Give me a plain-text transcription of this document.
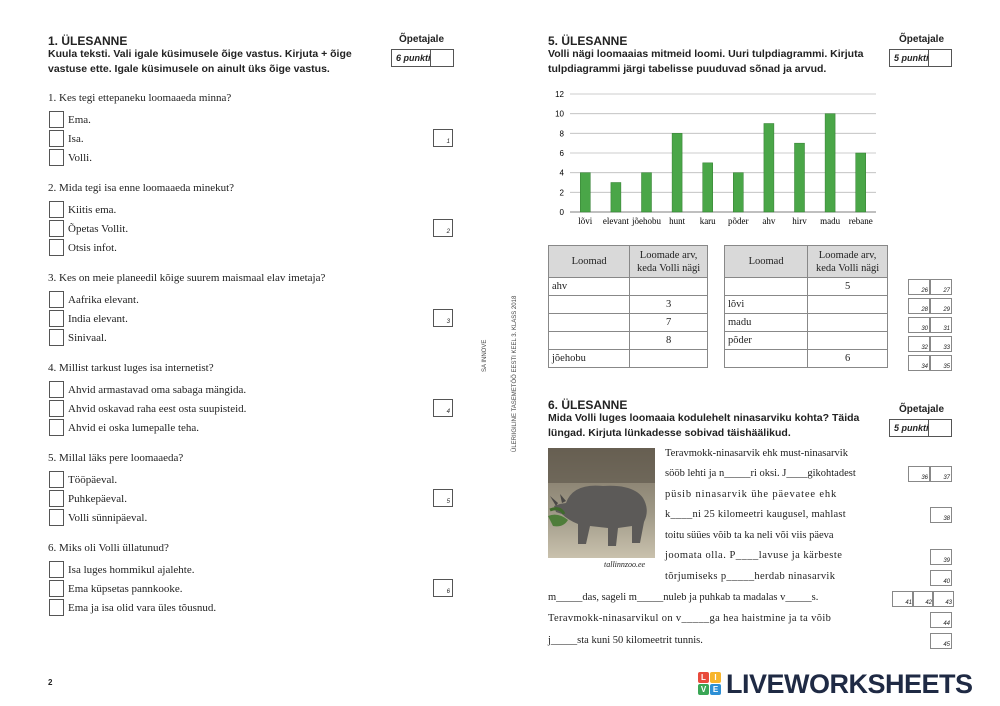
1. ÜLESANNE
Kuula teksti. Vali igale küsimusele õige vastus. Kirjuta + õige vastuse ette. Igale küsimusele on ainult üks õige vastus.
Õpetajale
6 punkti
1. Kes tegi ettepaneku loomaaeda minna?
Ema.
Isa.
Volli.
1
2. Mida tegi isa enne loomaaeda minekut?
Kiitis ema.
Õpetas Vollit.
Otsis infot.
2
3. Kes on meie planeedil kõige suurem maismaal elav imetaja?
Aafrika elevant.
India elevant.
Sinivaal.
3
4. Millist tarkust luges isa internetist?
Ahvid armastavad oma sabaga mängida.
Ahvid oskavad raha eest osta suupisteid.
Ahvid ei oska lumepalle teha.
4
5. Millal läks pere loomaaeda?
Tööpäeval.
Puhkepäeval.
Volli sünnipäeval.
5
6. Miks oli Volli üllatunud?
Isa luges hommikul ajalehte.
Ema küpsetas pannkooke.
Ema ja isa olid vara üles tõusnud.
6
2
ÜLERIIGILINE TASEMETÖÖ EESTI KEEL 3. KLASS 2018
SA INNOVE
5. ÜLESANNE
Volli nägi loomaaias mitmeid loomi. Uuri tulpdiagrammi. Kirjuta tulpdiagrammi järgi tabelisse puuduvad sõnad ja arvud.
Õpetajale
5 punkti
0
2
4
6
8
10
12
lõvi elevant jõehobu hunt karu põder ahv hirv madu rebane
Loomad	Loomade arv, keda Volli nägi
ahv	
	3
	7
	8
jõehobu	
Loomad	Loomade arv, keda Volli nägi
	5
lõvi	
madu	
põder	
	6
26	27
28	29
30	31
32	33
34	35
6. ÜLESANNE
Mida Volli luges loomaaia kodulehelt ninasarviku kohta? Täida lüngad. Kirjuta lünkadesse sobivad täishäälikud.
Õpetajale
5 punkti
tallinnzoo.ee
Teravmokk-ninasarvik ehk must-ninasarvik
sööb lehti ja n_____ri oksi. J____gikohtadest
püsib ninasarvik ühe päevatee ehk
k____ni 25 kilomeetri kaugusel, mahlast
toitu süües võib ta ka neli või viis päeva
joomata olla. P____lavuse ja kärbeste
tõrjumiseks p_____herdab ninasarvik
m_____das, sageli m_____nuleb ja puhkab ta madalas v_____s.
Teravmokk-ninasarvikul on v_____ga hea haistmine ja ta võib
j_____sta kuni 50 kilomeetrit tunnis.
36	37
38
39
40
41	42	43
44
45
L	I
V E LIVEWORKSHEETS
